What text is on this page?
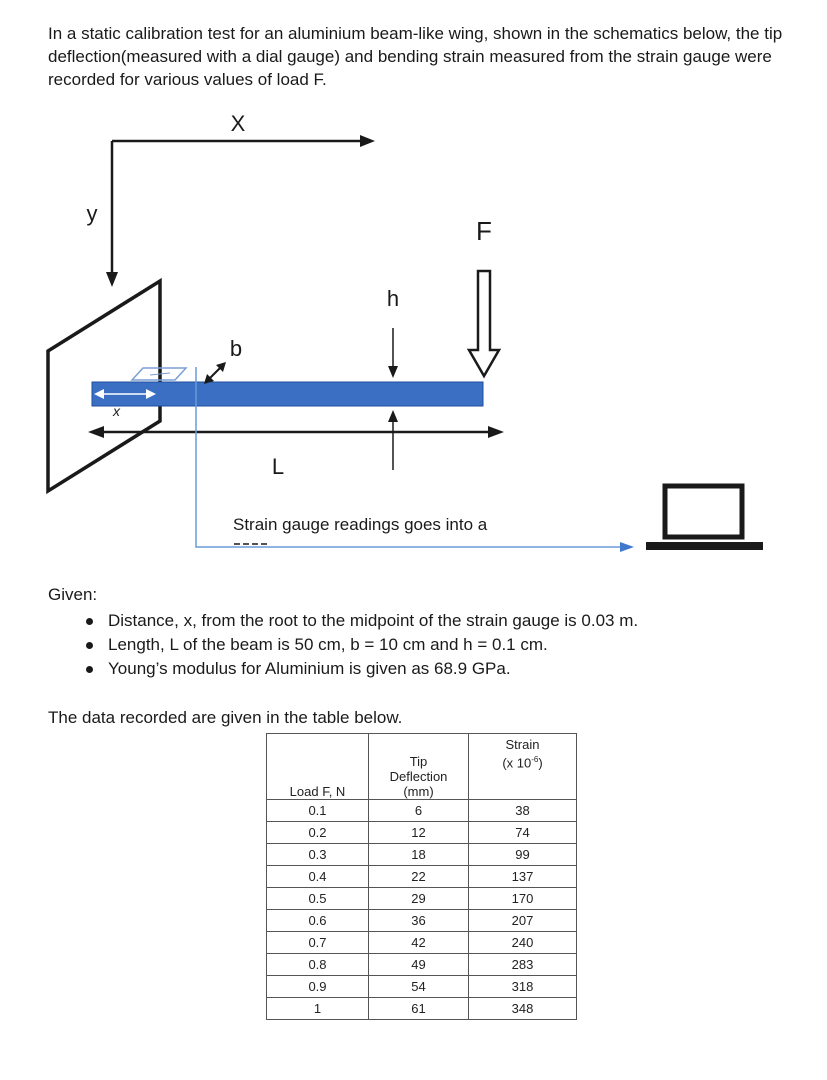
In a static calibration test for an aluminium beam-like wing, shown in the schematics below, the tip deflection(measured with a dial gauge) and bending strain measured from the strain gauge were recorded for various values of load F.

X
y
x
b
h
F
L
Strain gauge readings goes into a

Given:

Distance, x, from the root to the midpoint of the strain gauge is 0.03 m.
Length, L of the beam is 50 cm, b = 10 cm and h = 0.1 cm.
Young’s modulus for Aluminium is given as 68.9 GPa.

The data recorded are given in the table below.

Load F, N	Tip
Deflection
(mm)	Strain
(x $10^{-6}$)
0.1	6	38
0.2	12	74
0.3	18	99
0.4	22	137
0.5	29	170
0.6	36	207
0.7	42	240
0.8	49	283
0.9	54	318
1	61	348
